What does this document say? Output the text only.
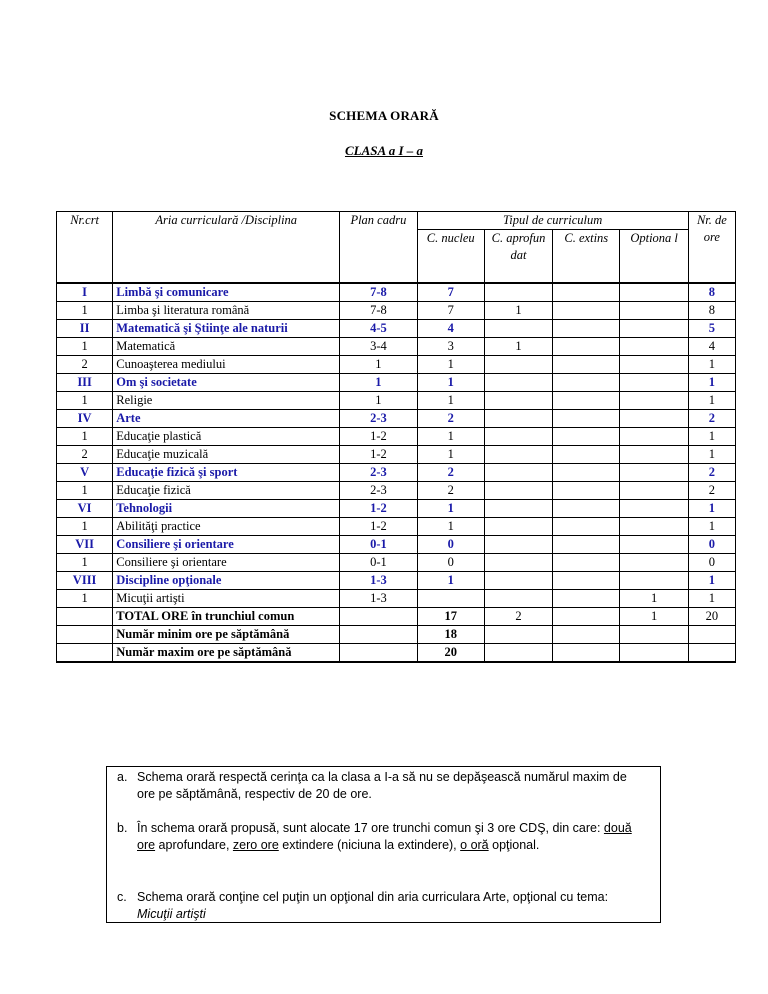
SCHEMA ORARĂ
CLASA a I – a
Nr.crt	Aria curriculară /Disciplina	Plan cadru	Tipul de curriculum				Nr. de ore
			C. nucleu	C. aprofun dat	C. extins	Optiona l	
I	Limbă şi comunicare	7-8	7				8
1	Limba şi literatura română	7-8	7	1			8
II	Matematică şi Ştiinţe ale naturii	4-5	4				5
1	Matematică	3-4	3	1			4
2	Cunoaşterea mediului	1	1				1
III	Om şi societate	1	1				1
1	Religie	1	1				1
IV	Arte	2-3	2				2
1	Educaţie plastică	1-2	1				1
2	Educaţie muzicală	1-2	1				1
V	Educaţie fizică şi sport	2-3	2				2
1	Educaţie fizică	2-3	2				2
VI	Tehnologii	1-2	1				1
1	Abilităţi practice	1-2	1				1
VII	Consiliere şi orientare	0-1	0				0
1	Consiliere şi orientare	0-1	0				0
VIII	Discipline opţionale	1-3	1				1
1	Micuţii artişti	1-3				1	1
	TOTAL ORE în trunchiul comun		17	2		1	20
	Număr minim ore pe săptămână		18				
	Număr maxim ore pe săptămână		20				
a. Schema orară respectă cerinţa ca la clasa a I-a să nu se depăşească numărul maxim de ore pe săptămână, respectiv de 20 de ore.
b. În schema orară propusă, sunt alocate 17 ore trunchi comun şi 3 ore CDŞ, din care: două ore aprofundare, zero ore extindere (niciuna la extindere), o oră opţional.
c. Schema orară conţine cel puţin un opţional din aria curriculara Arte, opţional cu tema: Micuţii artişti
